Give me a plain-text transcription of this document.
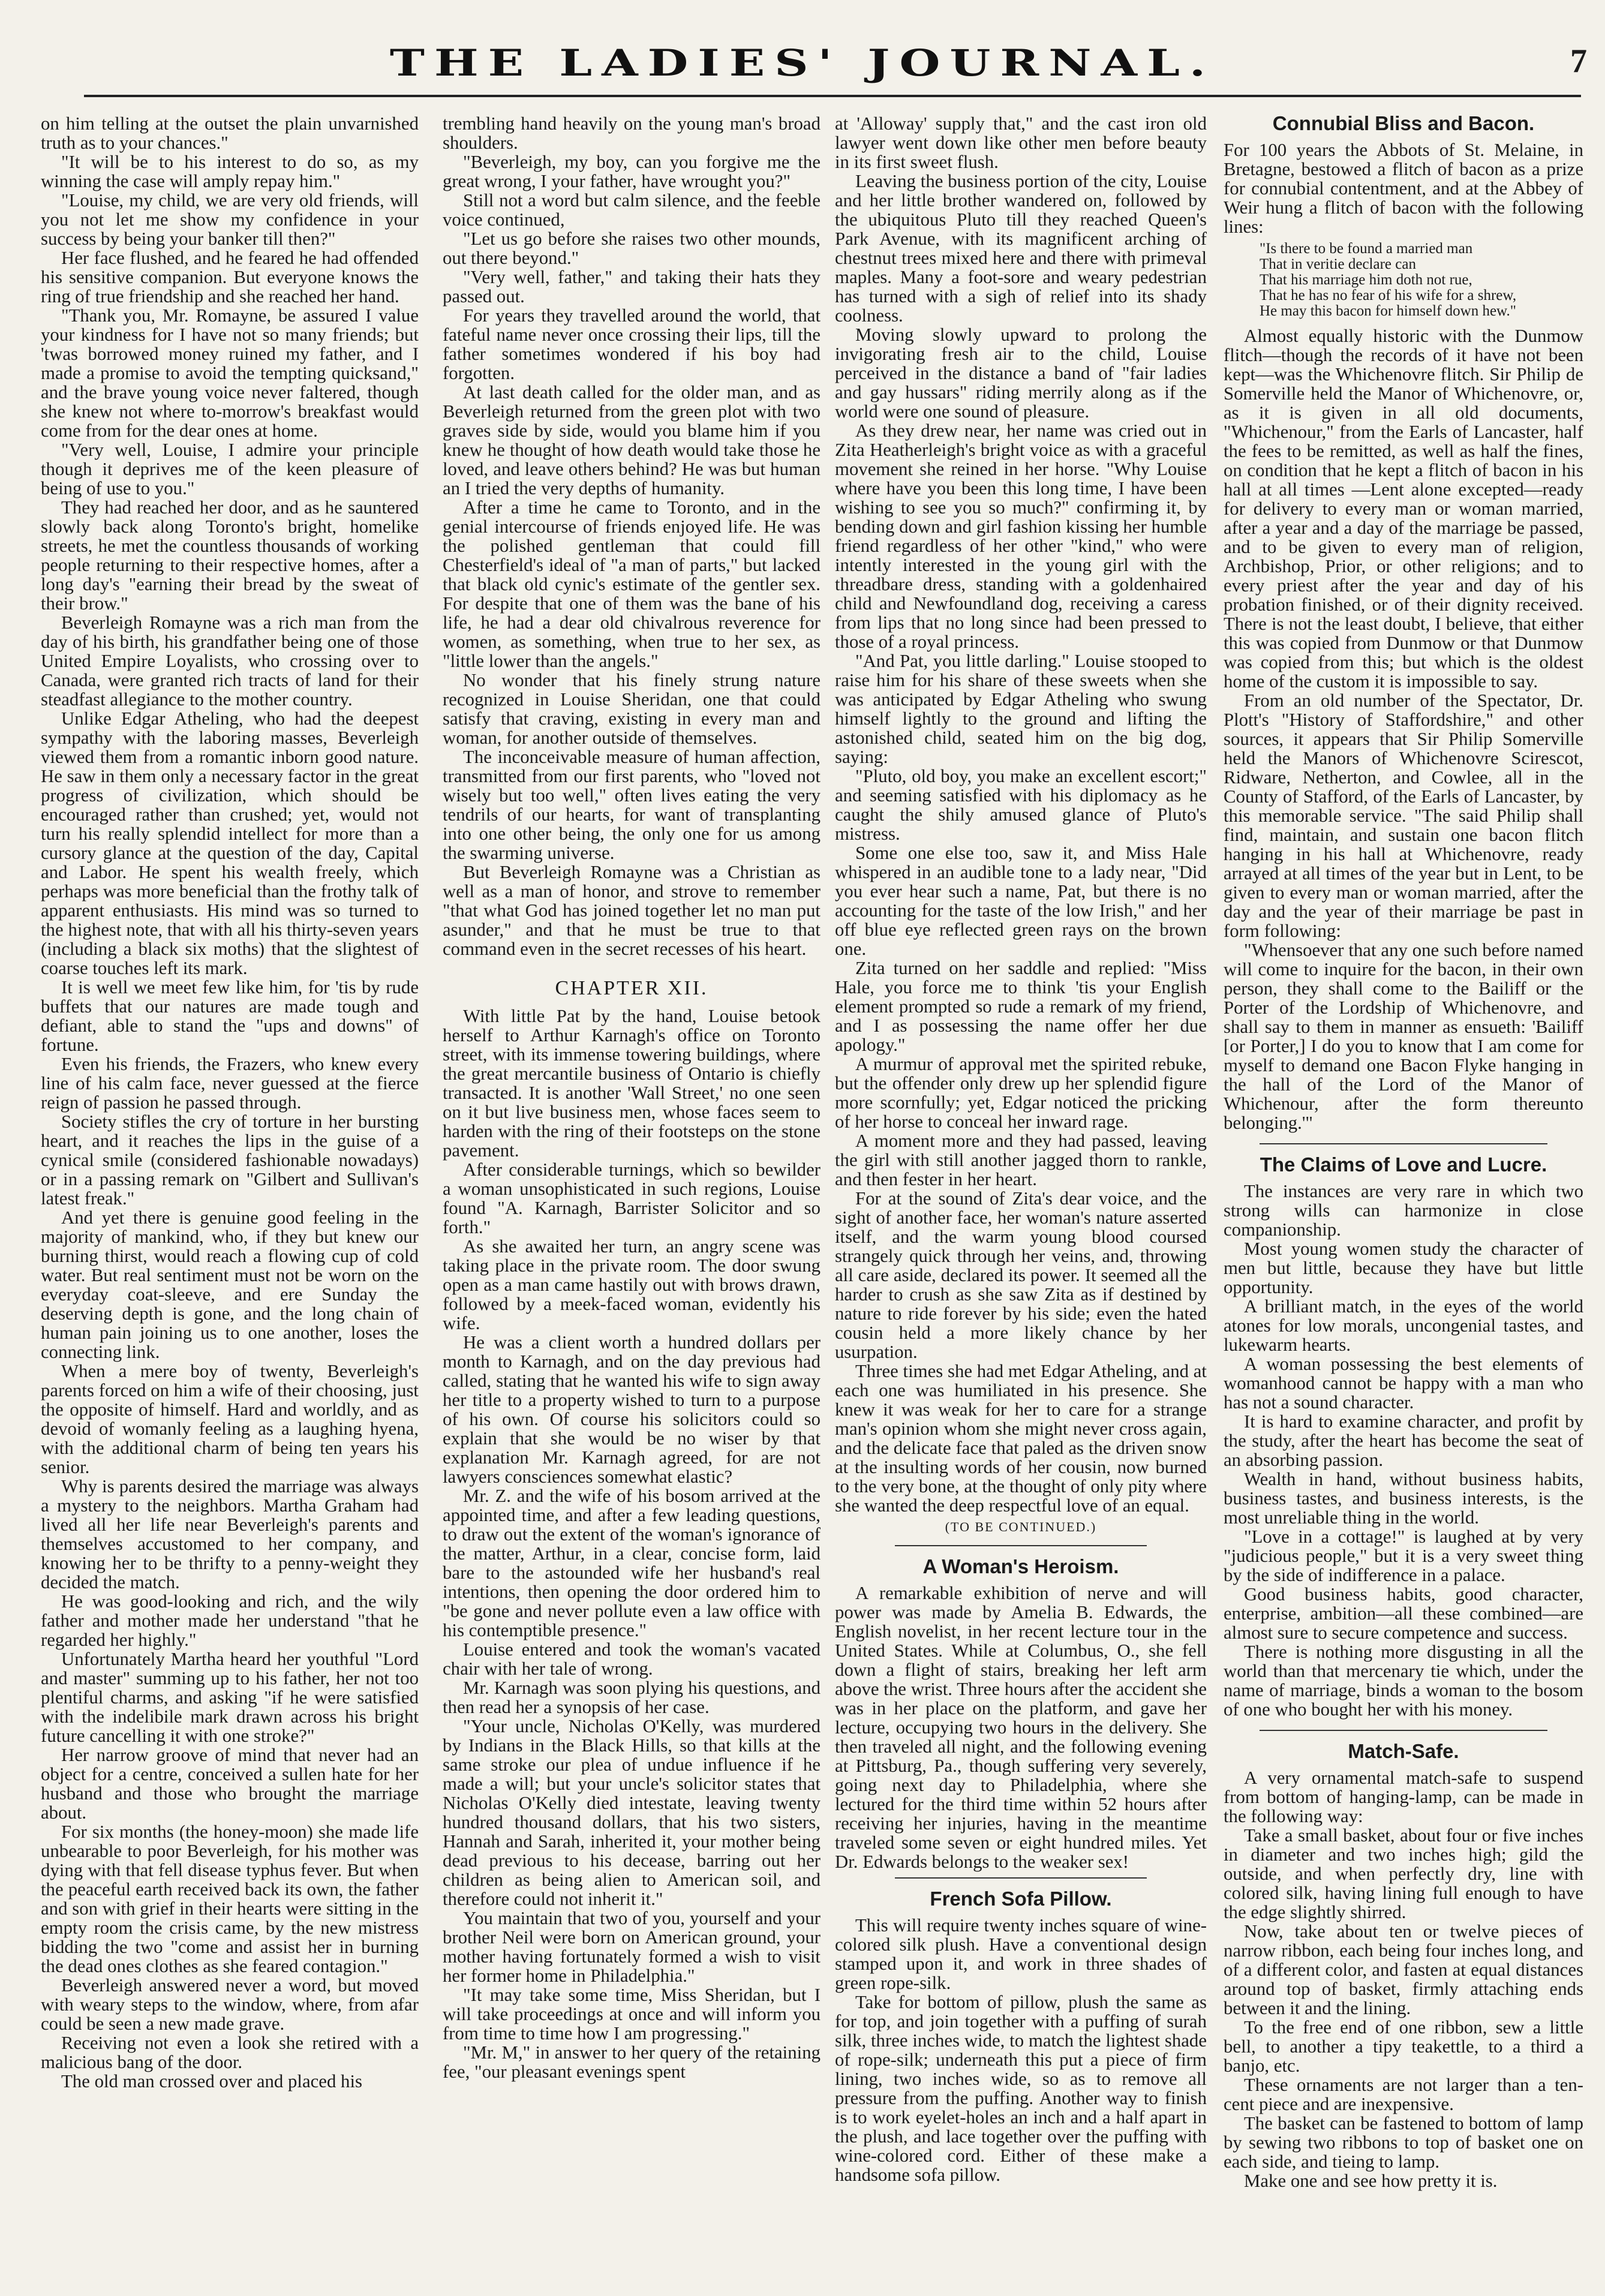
THE LADIES' JOURNAL.	7

on him telling at the outset the plain unvarnished truth as to your chances."

"It will be to his interest to do so, as my winning the case will amply repay him."

"Louise, my child, we are very old friends, will you not let me show my confidence in your success by being your banker till then?"

Her face flushed, and he feared he had offended his sensitive companion. But everyone knows the ring of true friendship and she reached her hand.

"Thank you, Mr. Romayne, be assured I value your kindness for I have not so many friends; but 'twas borrowed money ruined my father, and I made a promise to avoid the tempting quicksand," and the brave young voice never faltered, though she knew not where to-morrow's breakfast would come from for the dear ones at home.

"Very well, Louise, I admire your principle though it deprives me of the keen pleasure of being of use to you."

They had reached her door, and as he sauntered slowly back along Toronto's bright, homelike streets, he met the countless thousands of working people returning to their respective homes, after a long day's "earning their bread by the sweat of their brow."

Beverleigh Romayne was a rich man from the day of his birth, his grandfather being one of those United Empire Loyalists, who crossing over to Canada, were granted rich tracts of land for their steadfast allegiance to the mother country.

Unlike Edgar Atheling, who had the deepest sympathy with the laboring masses, Beverleigh viewed them from a romantic inborn good nature. He saw in them only a necessary factor in the great progress of civilization, which should be encouraged rather than crushed; yet, would not turn his really splendid intellect for more than a cursory glance at the question of the day, Capital and Labor. He spent his wealth freely, which perhaps was more beneficial than the frothy talk of apparent enthusiasts. His mind was so turned to the highest note, that with all his thirty-seven years (including a black six moths) that the slightest of coarse touches left its mark.

It is well we meet few like him, for 'tis by rude buffets that our natures are made tough and defiant, able to stand the "ups and downs" of fortune.

Even his friends, the Frazers, who knew every line of his calm face, never guessed at the fierce reign of passion he passed through.

Society stifles the cry of torture in her bursting heart, and it reaches the lips in the guise of a cynical smile (considered fashionable nowadays) or in a passing remark on "Gilbert and Sullivan's latest freak."

And yet there is genuine good feeling in the majority of mankind, who, if they but knew our burning thirst, would reach a flowing cup of cold water. But real sentiment must not be worn on the everyday coat-sleeve, and ere Sunday the deserving depth is gone, and the long chain of human pain joining us to one another, loses the connecting link.

When a mere boy of twenty, Beverleigh's parents forced on him a wife of their choosing, just the opposite of himself. Hard and worldly, and as devoid of womanly feeling as a laughing hyena, with the additional charm of being ten years his senior.

Why is parents desired the marriage was always a mystery to the neighbors. Martha Graham had lived all her life near Beverleigh's parents and themselves accustomed to her company, and knowing her to be thrifty to a penny-weight they decided the match.

He was good-looking and rich, and the wily father and mother made her understand "that he regarded her highly."

Unfortunately Martha heard her youthful "Lord and master" summing up to his father, her not too plentiful charms, and asking "if he were satisfied with the indelibile mark drawn across his bright future cancelling it with one stroke?"

Her narrow groove of mind that never had an object for a centre, conceived a sullen hate for her husband and those who brought the marriage about.

For six months (the honey-moon) she made life unbearable to poor Beverleigh, for his mother was dying with that fell disease typhus fever. But when the peaceful earth received back its own, the father and son with grief in their hearts were sitting in the empty room the crisis came, by the new mistress bidding the two "come and assist her in burning the dead ones clothes as she feared contagion."

Beverleigh answered never a word, but moved with weary steps to the window, where, from afar could be seen a new made grave.

Receiving not even a look she retired with a malicious bang of the door.

The old man crossed over and placed his

trembling hand heavily on the young man's broad shoulders.

"Beverleigh, my boy, can you forgive me the great wrong, I your father, have wrought you?"

Still not a word but calm silence, and the feeble voice continued,

"Let us go before she raises two other mounds, out there beyond."

"Very well, father," and taking their hats they passed out.

For years they travelled around the world, that fateful name never once crossing their lips, till the father sometimes wondered if his boy had forgotten.

At last death called for the older man, and as Beverleigh returned from the green plot with two graves side by side, would you blame him if you knew he thought of how death would take those he loved, and leave others behind? He was but human an I tried the very depths of humanity.

After a time he came to Toronto, and in the genial intercourse of friends enjoyed life. He was the polished gentleman that could fill Chesterfield's ideal of "a man of parts," but lacked that black old cynic's estimate of the gentler sex. For despite that one of them was the bane of his life, he had a dear old chivalrous reverence for women, as something, when true to her sex, as "little lower than the angels."

No wonder that his finely strung nature recognized in Louise Sheridan, one that could satisfy that craving, existing in every man and woman, for another outside of themselves.

The inconceivable measure of human affection, transmitted from our first parents, who "loved not wisely but too well," often lives eating the very tendrils of our hearts, for want of transplanting into one other being, the only one for us among the swarming universe.

But Beverleigh Romayne was a Christian as well as a man of honor, and strove to remember "that what God has joined together let no man put asunder," and that he must be true to that command even in the secret recesses of his heart.

CHAPTER XII.

With little Pat by the hand, Louise betook herself to Arthur Karnagh's office on Toronto street, with its immense towering buildings, where the great mercantile business of Ontario is chiefly transacted. It is another 'Wall Street,' no one seen on it but live business men, whose faces seem to harden with the ring of their footsteps on the stone pavement.

After considerable turnings, which so bewilder a woman unsophisticated in such regions, Louise found "A. Karnagh, Barrister Solicitor and so forth."

As she awaited her turn, an angry scene was taking place in the private room. The door swung open as a man came hastily out with brows drawn, followed by a meek-faced woman, evidently his wife.

He was a client worth a hundred dollars per month to Karnagh, and on the day previous had called, stating that he wanted his wife to sign away her title to a property wished to turn to a purpose of his own. Of course his solicitors could so explain that she would be no wiser by that explanation Mr. Karnagh agreed, for are not lawyers consciences somewhat elastic?

Mr. Z. and the wife of his bosom arrived at the appointed time, and after a few leading questions, to draw out the extent of the woman's ignorance of the matter, Arthur, in a clear, concise form, laid bare to the astounded wife her husband's real intentions, then opening the door ordered him to "be gone and never pollute even a law office with his contemptible presence."

Louise entered and took the woman's vacated chair with her tale of wrong.

Mr. Karnagh was soon plying his questions, and then read her a synopsis of her case.

"Your uncle, Nicholas O'Kelly, was murdered by Indians in the Black Hills, so that kills at the same stroke our plea of undue influence if he made a will; but your uncle's solicitor states that Nicholas O'Kelly died intestate, leaving twenty hundred thousand dollars, that his two sisters, Hannah and Sarah, inherited it, your mother being dead previous to his decease, barring out her children as being alien to American soil, and therefore could not inherit it."

You maintain that two of you, yourself and your brother Neil were born on American ground, your mother having fortunately formed a wish to visit her former home in Philadelphia."

"It may take some time, Miss Sheridan, but I will take proceedings at once and will inform you from time to time how I am progressing."

"Mr. M," in answer to her query of the retaining fee, "our pleasant evenings spent

at 'Alloway' supply that," and the cast iron old lawyer went down like other men before beauty in its first sweet flush.

Leaving the business portion of the city, Louise and her little brother wandered on, followed by the ubiquitous Pluto till they reached Queen's Park Avenue, with its magnificent arching of chestnut trees mixed here and there with primeval maples. Many a foot-sore and weary pedestrian has turned with a sigh of relief into its shady coolness.

Moving slowly upward to prolong the invigorating fresh air to the child, Louise perceived in the distance a band of "fair ladies and gay hussars" riding merrily along as if the world were one sound of pleasure.

As they drew near, her name was cried out in Zita Heatherleigh's bright voice as with a graceful movement she reined in her horse. "Why Louise where have you been this long time, I have been wishing to see you so much?" confirming it, by bending down and girl fashion kissing her humble friend regardless of her other "kind," who were intently interested in the young girl with the threadbare dress, standing with a goldenhaired child and Newfoundland dog, receiving a caress from lips that no long since had been pressed to those of a royal princess.

"And Pat, you little darling." Louise stooped to raise him for his share of these sweets when she was anticipated by Edgar Atheling who swung himself lightly to the ground and lifting the astonished child, seated him on the big dog, saying:

"Pluto, old boy, you make an excellent escort;" and seeming satisfied with his diplomacy as he caught the shily amused glance of Pluto's mistress.

Some one else too, saw it, and Miss Hale whispered in an audible tone to a lady near, "Did you ever hear such a name, Pat, but there is no accounting for the taste of the low Irish," and her off blue eye reflected green rays on the brown one.

Zita turned on her saddle and replied: "Miss Hale, you force me to think 'tis your English element prompted so rude a remark of my friend, and I as possessing the name offer her due apology."

A murmur of approval met the spirited rebuke, but the offender only drew up her splendid figure more scornfully; yet, Edgar noticed the pricking of her horse to conceal her inward rage.

A moment more and they had passed, leaving the girl with still another jagged thorn to rankle, and then fester in her heart.

For at the sound of Zita's dear voice, and the sight of another face, her woman's nature asserted itself, and the warm young blood coursed strangely quick through her veins, and, throwing all care aside, declared its power. It seemed all the harder to crush as she saw Zita as if destined by nature to ride forever by his side; even the hated cousin held a more likely chance by her usurpation.

Three times she had met Edgar Atheling, and at each one was humiliated in his presence. She knew it was weak for her to care for a strange man's opinion whom she might never cross again, and the delicate face that paled as the driven snow at the insulting words of her cousin, now burned to the very bone, at the thought of only pity where she wanted the deep respectful love of an equal.

(TO BE CONTINUED.)
A Woman's Heroism.

A remarkable exhibition of nerve and will power was made by Amelia B. Edwards, the English novelist, in her recent lecture tour in the United States. While at Columbus, O., she fell down a flight of stairs, breaking her left arm above the wrist. Three hours after the accident she was in her place on the platform, and gave her lecture, occupying two hours in the delivery. She then traveled all night, and the following evening at Pittsburg, Pa., though suffering very severely, going next day to Philadelphia, where she lectured for the third time within 52 hours after receiving her injuries, having in the meantime traveled some seven or eight hundred miles. Yet Dr. Edwards belongs to the weaker sex!

French Sofa Pillow.

This will require twenty inches square of wine-colored silk plush. Have a conventional design stamped upon it, and work in three shades of green rope-silk.

Take for bottom of pillow, plush the same as for top, and join together with a puffing of surah silk, three inches wide, to match the lightest shade of rope-silk; underneath this put a piece of firm lining, two inches wide, so as to remove all pressure from the puffing. Another way to finish is to work eyelet-holes an inch and a half apart in the plush, and lace together over the puffing with wine-colored cord. Either of these make a handsome sofa pillow.

Connubial Bliss and Bacon.

For 100 years the Abbots of St. Melaine, in Bretagne, bestowed a flitch of bacon as a prize for connubial contentment, and at the Abbey of Weir hung a flitch of bacon with the following lines:

"Is there to be found a married man
That in veritie declare can
That his marriage him doth not rue,
That he has no fear of his wife for a shrew,
He may this bacon for himself down hew."

Almost equally historic with the Dunmow flitch—though the records of it have not been kept—was the Whichenovre flitch. Sir Philip de Somerville held the Manor of Whichenovre, or, as it is given in all old documents, "Whichenour," from the Earls of Lancaster, half the fees to be remitted, as well as half the fines, on condition that he kept a flitch of bacon in his hall at all times —Lent alone excepted—ready for delivery to every man or woman married, after a year and a day of the marriage be passed, and to be given to every man of religion, Archbishop, Prior, or other religions; and to every priest after the year and day of his probation finished, or of their dignity received. There is not the least doubt, I believe, that either this was copied from Dunmow or that Dunmow was copied from this; but which is the oldest home of the custom it is impossible to say.

From an old number of the Spectator, Dr. Plott's "History of Staffordshire," and other sources, it appears that Sir Philip Somerville held the Manors of Whichenovre Scirescot, Ridware, Netherton, and Cowlee, all in the County of Stafford, of the Earls of Lancaster, by this memorable service. "The said Philip shall find, maintain, and sustain one bacon flitch hanging in his hall at Whichenovre, ready arrayed at all times of the year but in Lent, to be given to every man or woman married, after the day and the year of their marriage be past in form following:

"Whensoever that any one such before named will come to inquire for the bacon, in their own person, they shall come to the Bailiff or the Porter of the Lordship of Whichenovre, and shall say to them in manner as ensueth: 'Bailiff [or Porter,] I do you to know that I am come for myself to demand one Bacon Flyke hanging in the hall of the Lord of the Manor of Whichenour, after the form thereunto belonging.'"

The Claims of Love and Lucre.

The instances are very rare in which two strong wills can harmonize in close companionship.

Most young women study the character of men but little, because they have but little opportunity.

A brilliant match, in the eyes of the world atones for low morals, uncongenial tastes, and lukewarm hearts.

A woman possessing the best elements of womanhood cannot be happy with a man who has not a sound character.

It is hard to examine character, and profit by the study, after the heart has become the seat of an absorbing passion.

Wealth in hand, without business habits, business tastes, and business interests, is the most unreliable thing in the world.

"Love in a cottage!" is laughed at by very "judicious people," but it is a very sweet thing by the side of indifference in a palace.

Good business habits, good character, enterprise, ambition—all these combined—are almost sure to secure competence and success.

There is nothing more disgusting in all the world than that mercenary tie which, under the name of marriage, binds a woman to the bosom of one who bought her with his money.

Match-Safe.

A very ornamental match-safe to suspend from bottom of hanging-lamp, can be made in the following way:

Take a small basket, about four or five inches in diameter and two inches high; gild the outside, and when perfectly dry, line with colored silk, having lining full enough to have the edge slightly shirred.

Now, take about ten or twelve pieces of narrow ribbon, each being four inches long, and of a different color, and fasten at equal distances around top of basket, firmly attaching ends between it and the lining.

To the free end of one ribbon, sew a little bell, to another a tipy teakettle, to a third a banjo, etc.

These ornaments are not larger than a ten-cent piece and are inexpensive.

The basket can be fastened to bottom of lamp by sewing two ribbons to top of basket one on each side, and tieing to lamp.

Make one and see how pretty it is.
